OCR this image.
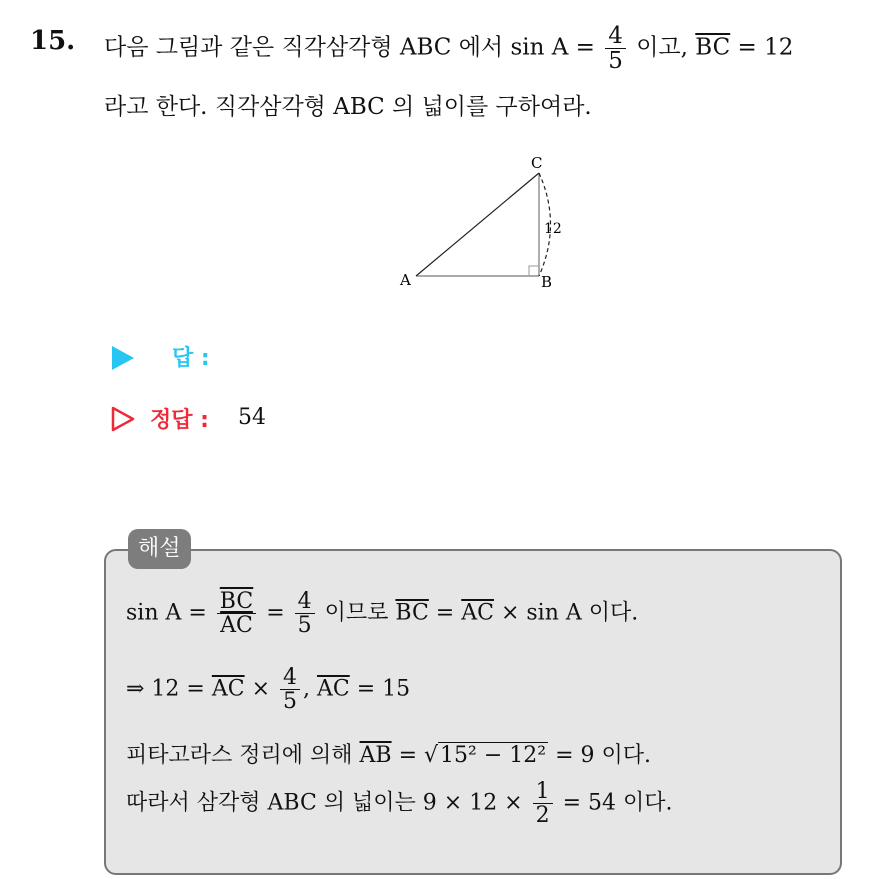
15. 다음 그림과 같은 직각삼각형 ABC 에서 $\sin A = \frac{4}{5}$ 이고, $\overline{BC} = 12$
라고 한다. 직각삼각형 ABC 의 넓이를 구하여라.
A	B
C
12
답 :
정답 : 54
해설
$\sin A = \frac{\overline{BC}}{AC} = \frac{4}{5}$ 이므로 $\overline{BC} = \overline{AC} \times \sin A$ 이다.
⇒ $12 = \overline{AC} \times \frac{4}{5}$ , $\overline{AC} = 15$
피타고라스 정리에 의해 $\overline{AB} = √15^2 - 12^2 = 9$ 이다.
따라서 삼각형 ABC 의 넓이는 $9 \times 12 \times \frac{1}{2} = 54$ 이다.
